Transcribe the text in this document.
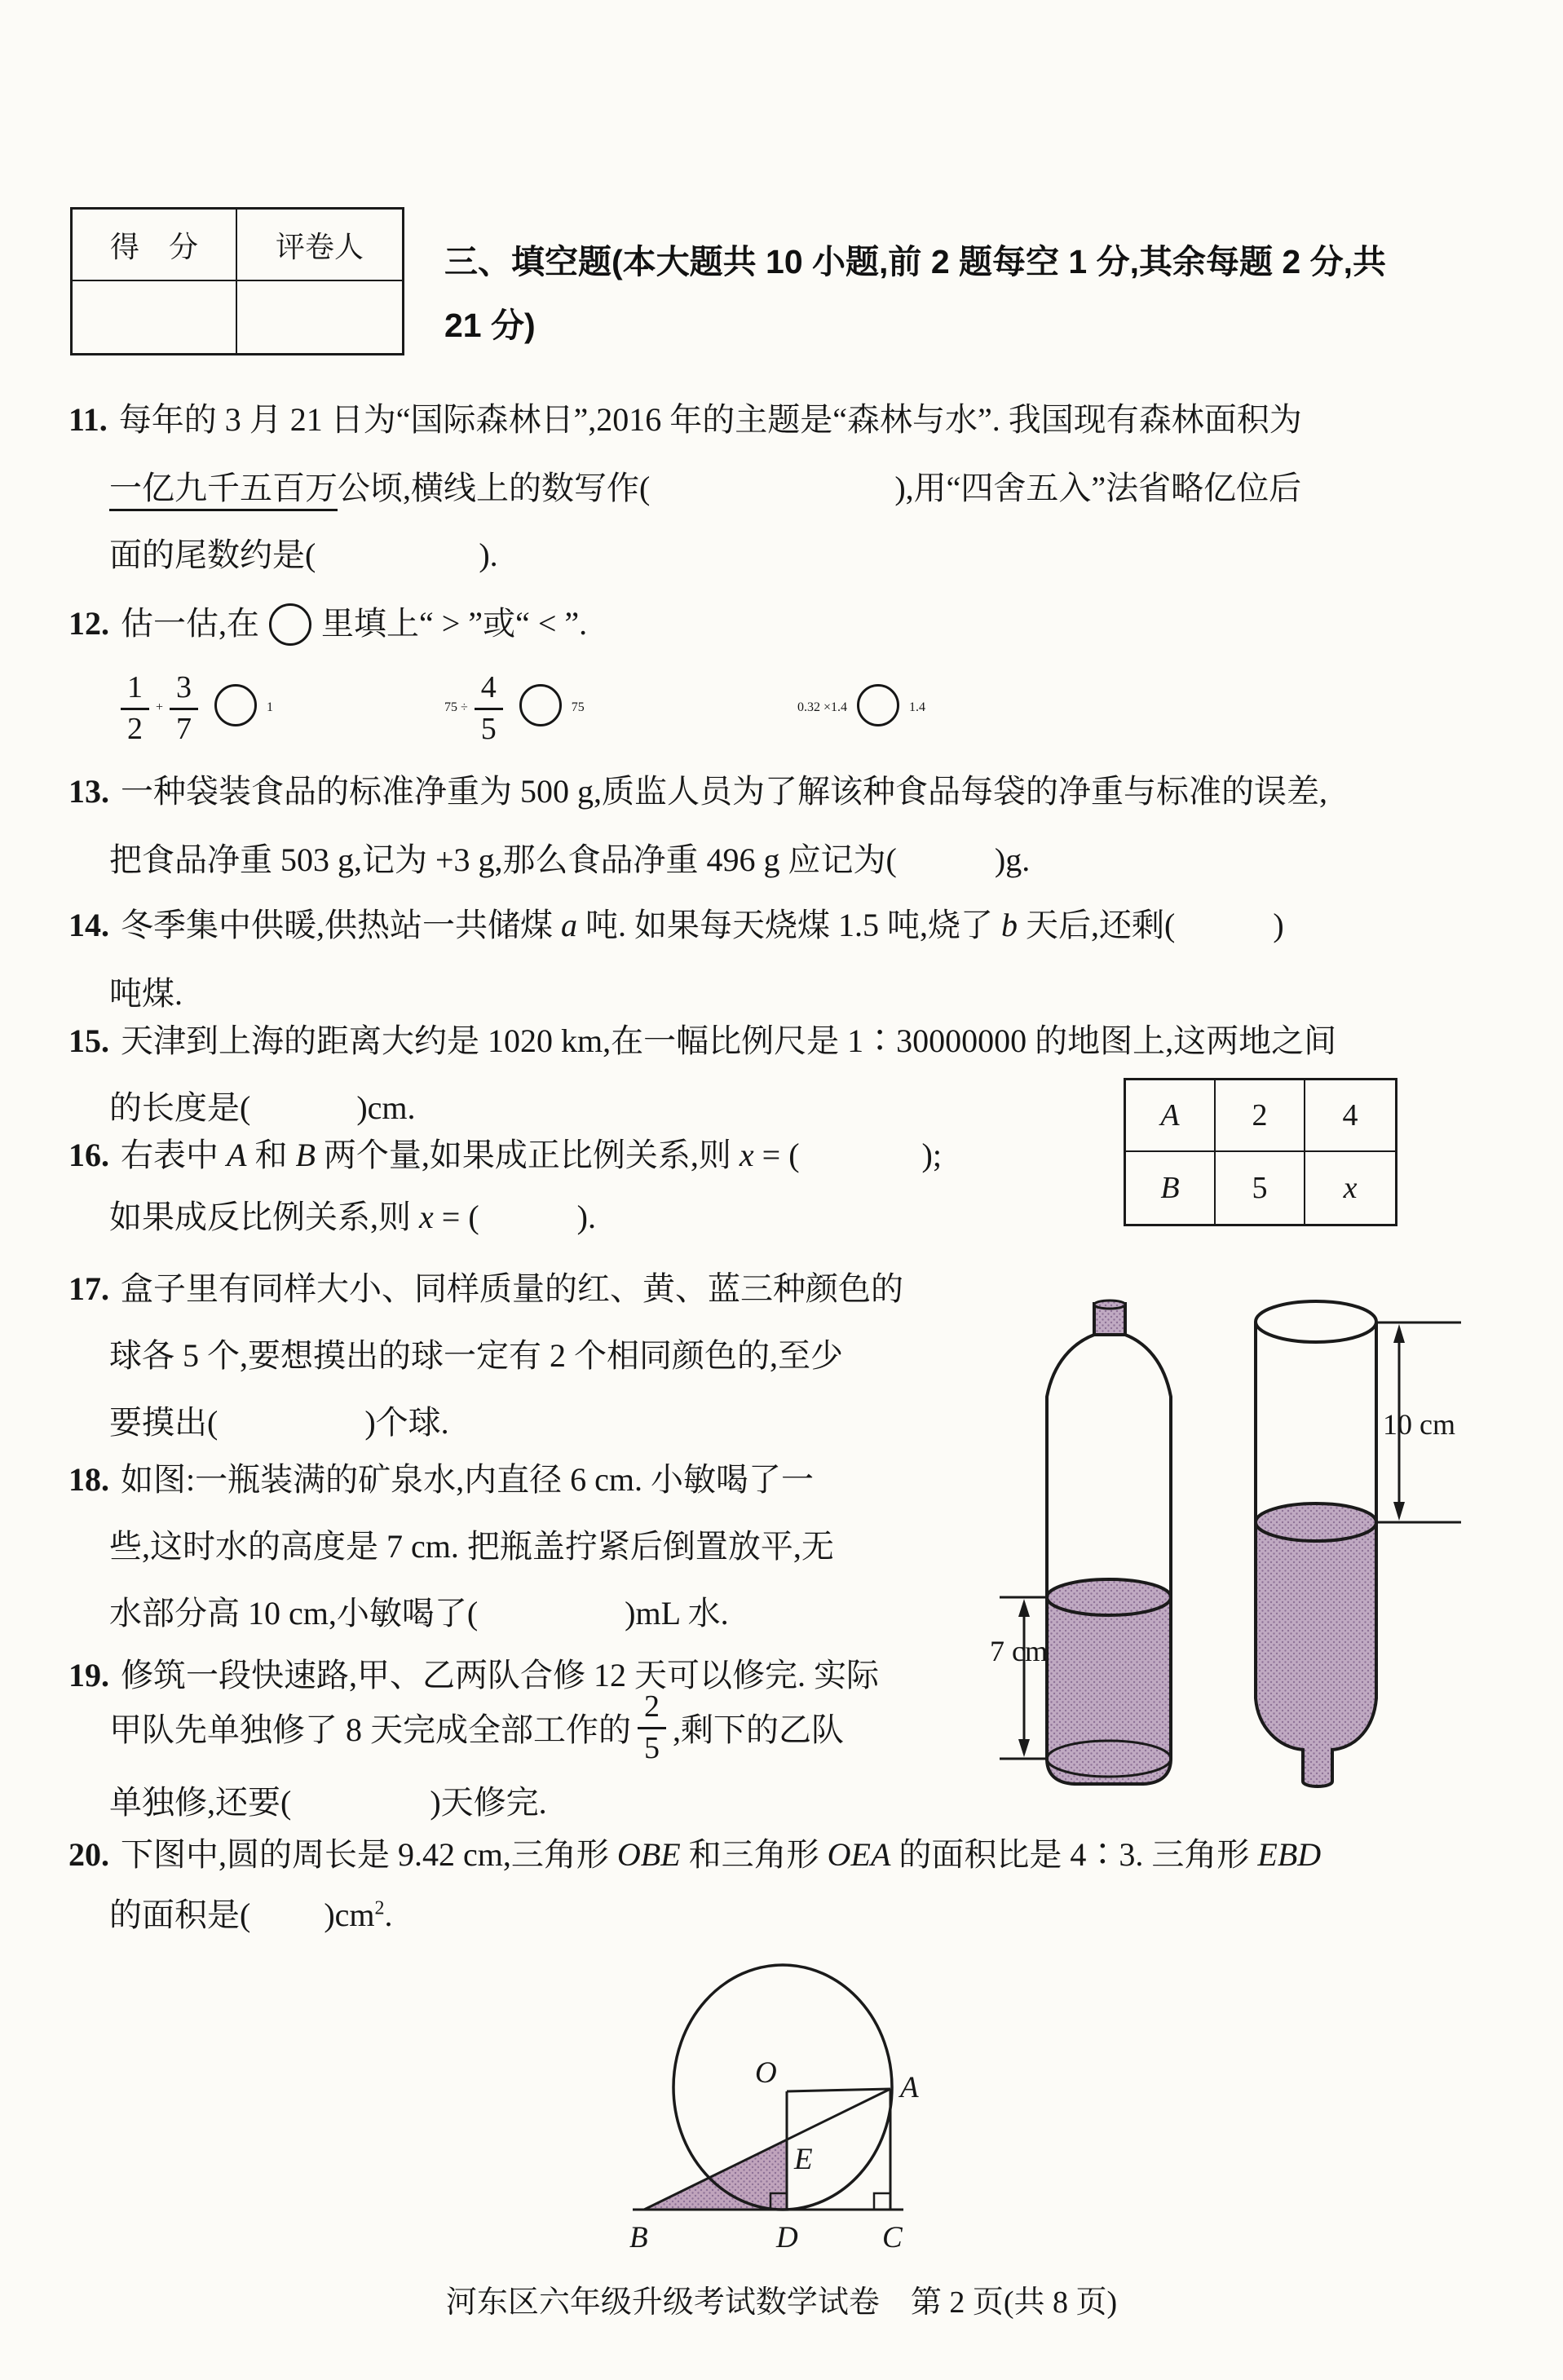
得　分	评卷人	三、填空题(本大题共 10 小题,前 2 题每空 1 分,其余每题 2 分,共
21 分)
11. 每年的 3 月 21 日为“国际森林日”,2016 年的主题是“森林与水”. 我国现有森林面积为
一亿九千五百万公顷,横线上的数写作(                              ),用“四舍五入”法省略亿位后
面的尾数约是(                    ).
12. 估一估,在 里填上“ > ”或“ < ”.
$\frac{1}{2} + \frac{3}{7}$	1	$75 \div \frac{4}{5}$	75	0.32 ×1.4	1.4
13. 一种袋装食品的标准净重为 500 g,质监人员为了解该种食品每袋的净重与标准的误差,
把食品净重 503 g,记为 +3 g,那么食品净重 496 g 应记为(            )g.
14. 冬季集中供暖,供热站一共储煤 a 吨. 如果每天烧煤 1.5 吨,烧了 b 天后,还剩(            )
吨煤.
15. 天津到上海的距离大约是 1020 km,在一幅比例尺是 1∶30000000 的地图上,这两地之间
的长度是(             )cm.
16. 右表中 A 和 B 两个量,如果成正比例关系,则 x = (               );
如果成反比例关系,则 x = (            ).
A	2	4
B	5	x
17. 盒子里有同样大小、同样质量的红、黄、蓝三种颜色的
球各 5 个,要想摸出的球一定有 2 个相同颜色的,至少
要摸出(                  )个球.
18. 如图:一瓶装满的矿泉水,内直径 6 cm. 小敏喝了一
些,这时水的高度是 7 cm. 把瓶盖拧紧后倒置放平,无
水部分高 10 cm,小敏喝了(                  )mL 水.
19. 修筑一段快速路,甲、乙两队合修 12 天可以修完. 实际
甲队先单独修了 8 天完成全部工作的 $\frac{2}{5}$ ,剩下的乙队
单独修,还要(                 )天修完.
20. 下图中,圆的周长是 9.42 cm,三角形 OBE 和三角形 OEA 的面积比是 4∶3. 三角形 EBD
的面积是(         )$cm^2$.
7 cm
10 cm
O	A
B	D	C
E
河东区六年级升级考试数学试卷　第 2 页(共 8 页)
